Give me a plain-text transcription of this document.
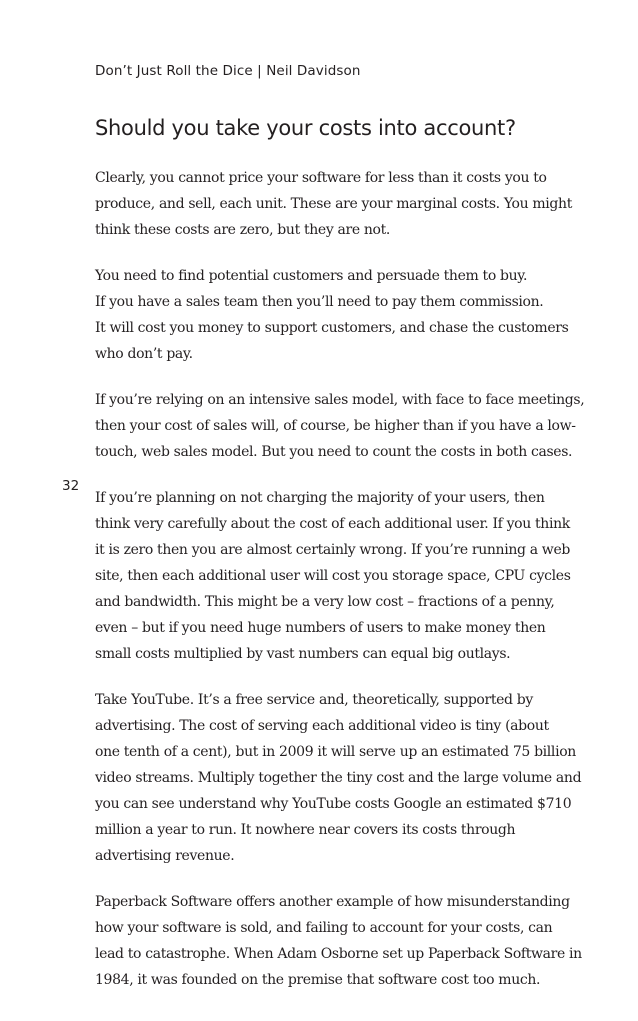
Don’t Just Roll the Dice | Neil Davidson
Should you take your costs into account?
32
Clearly, you cannot price your software for less than it costs you to
produce, and sell, each unit. These are your marginal costs. You might
think these costs are zero, but they are not.
You need to find potential customers and persuade them to buy.
If you have a sales team then you’ll need to pay them commission.
It will cost you money to support customers, and chase the customers
who don’t pay.
If you’re relying on an intensive sales model, with face to face meetings,
then your cost of sales will, of course, be higher than if you have a low-
touch, web sales model. But you need to count the costs in both cases.
If you’re planning on not charging the majority of your users, then
think very carefully about the cost of each additional user. If you think
it is zero then you are almost certainly wrong. If you’re running a web
site, then each additional user will cost you storage space, CPU cycles
and bandwidth. This might be a very low cost – fractions of a penny,
even – but if you need huge numbers of users to make money then
small costs multiplied by vast numbers can equal big outlays.
Take YouTube. It’s a free service and, theoretically, supported by
advertising. The cost of serving each additional video is tiny (about
one tenth of a cent), but in 2009 it will serve up an estimated 75 billion
video streams. Multiply together the tiny cost and the large volume and
you can see understand why YouTube costs Google an estimated $710
million a year to run. It nowhere near covers its costs through
advertising revenue.
Paperback Software offers another example of how misunderstanding
how your software is sold, and failing to account for your costs, can
lead to catastrophe. When Adam Osborne set up Paperback Software in
1984, it was founded on the premise that software cost too much.
